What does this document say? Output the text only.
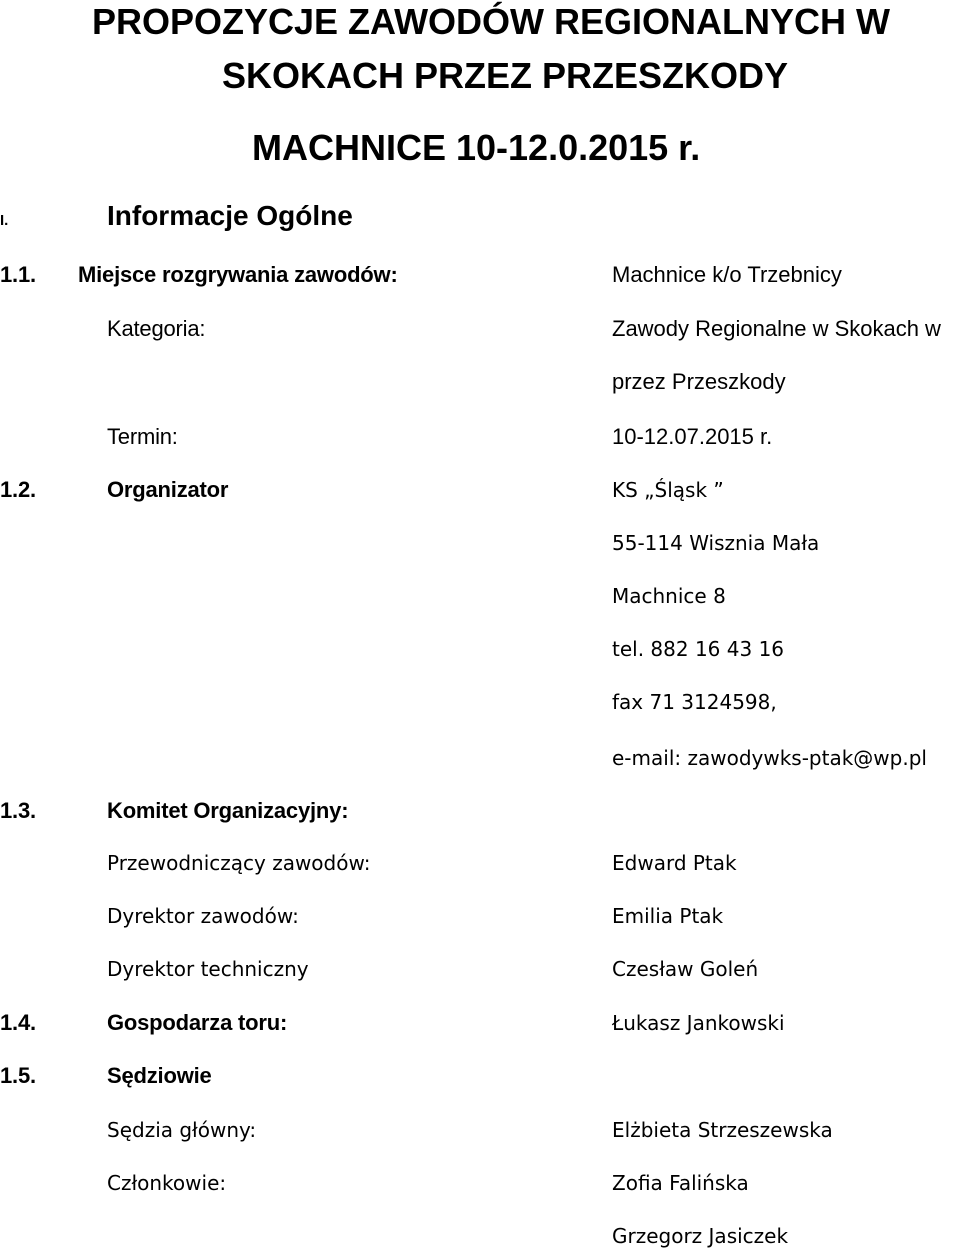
PROPOZYCJE ZAWODÓW REGIONALNYCH W
SKOKACH PRZEZ PRZESZKODY
MACHNICE 10-12.0.2015 r.
I.	Informacje Ogólne
1.1. Miejsce rozgrywania zawodów:	Machnice k/o Trzebnicy
Kategoria:	Zawody Regionalne w Skokach w
przez Przeszkody
Termin:	10-12.07.2015 r.
1.2.	Organizator	KS „Śląsk ”
55-114 Wisznia Mała
Machnice 8
tel. 882 16 43 16
fax 71 3124598,
e-mail: zawodywks-ptak@wp.pl
1.3.	Komitet Organizacyjny:
Przewodniczący zawodów:	Edward Ptak
Dyrektor zawodów:	Emilia Ptak
Dyrektor techniczny	Czesław Goleń
1.4.	Gospodarza toru:	Łukasz Jankowski
1.5.	Sędziowie
Sędzia główny:	Elżbieta Strzeszewska
Członkowie:	Zofia Falińska
Grzegorz Jasiczek
